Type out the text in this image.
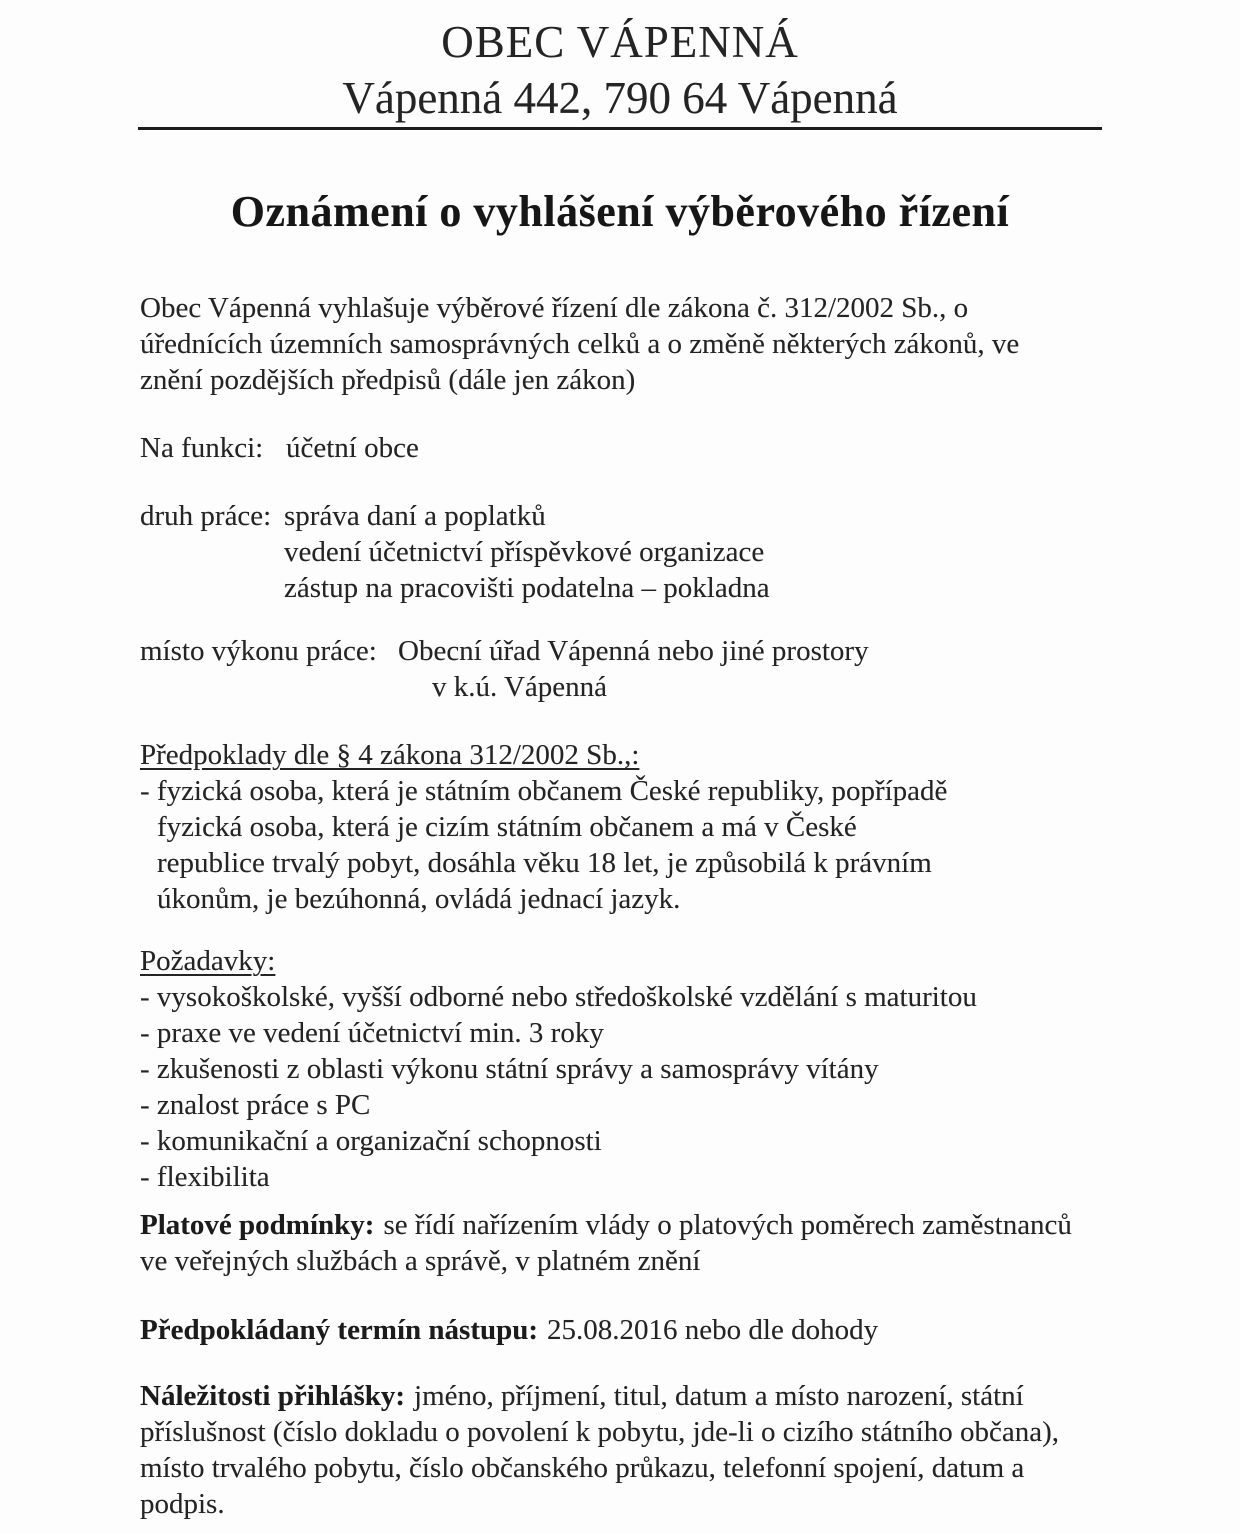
OBEC VÁPENNÁ
Vápenná 442, 790 64 Vápenná
Oznámení o vyhlášení výběrového řízení

Obec Vápenná vyhlašuje výběrové řízení dle zákona č. 312/2002 Sb., o
úřednících územních samosprávných celků a o změně některých zákonů, ve
znění pozdějších předpisů (dále jen zákon)

Na funkci: účetní obce
druh práce: správa daní a poplatků
vedení účetnictví příspěvkové organizace
zástup na pracovišti podatelna – pokladna
místo výkonu práce: Obecní úřad Vápenná nebo jiné prostory
v k.ú. Vápenná
Předpoklady dle § 4 zákona 312/2002 Sb.,:
- fyzická osoba, která je státním občanem České republiky, popřípadě
fyzická osoba, která je cizím státním občanem a má v České
republice trvalý pobyt, dosáhla věku 18 let, je způsobilá k právním
úkonům, je bezúhonná, ovládá jednací jazyk.
Požadavky:
- vysokoškolské, vyšší odborné nebo středoškolské vzdělání s maturitou
- praxe ve vedení účetnictví min. 3 roky
- zkušenosti z oblasti výkonu státní správy a samosprávy vítány
- znalost práce s PC
- komunikační a organizační schopnosti
- flexibilita

Platové podmínky: se řídí nařízením vlády o platových poměrech zaměstnanců
ve veřejných službách a správě, v platném znění

Předpokládaný termín nástupu: 25.08.2016 nebo dle dohody

Náležitosti přihlášky: jméno, příjmení, titul, datum a místo narození, státní
příslušnost (číslo dokladu o povolení k pobytu, jde-li o cizího státního občana),
místo trvalého pobytu, číslo občanského průkazu, telefonní spojení, datum a
podpis.
